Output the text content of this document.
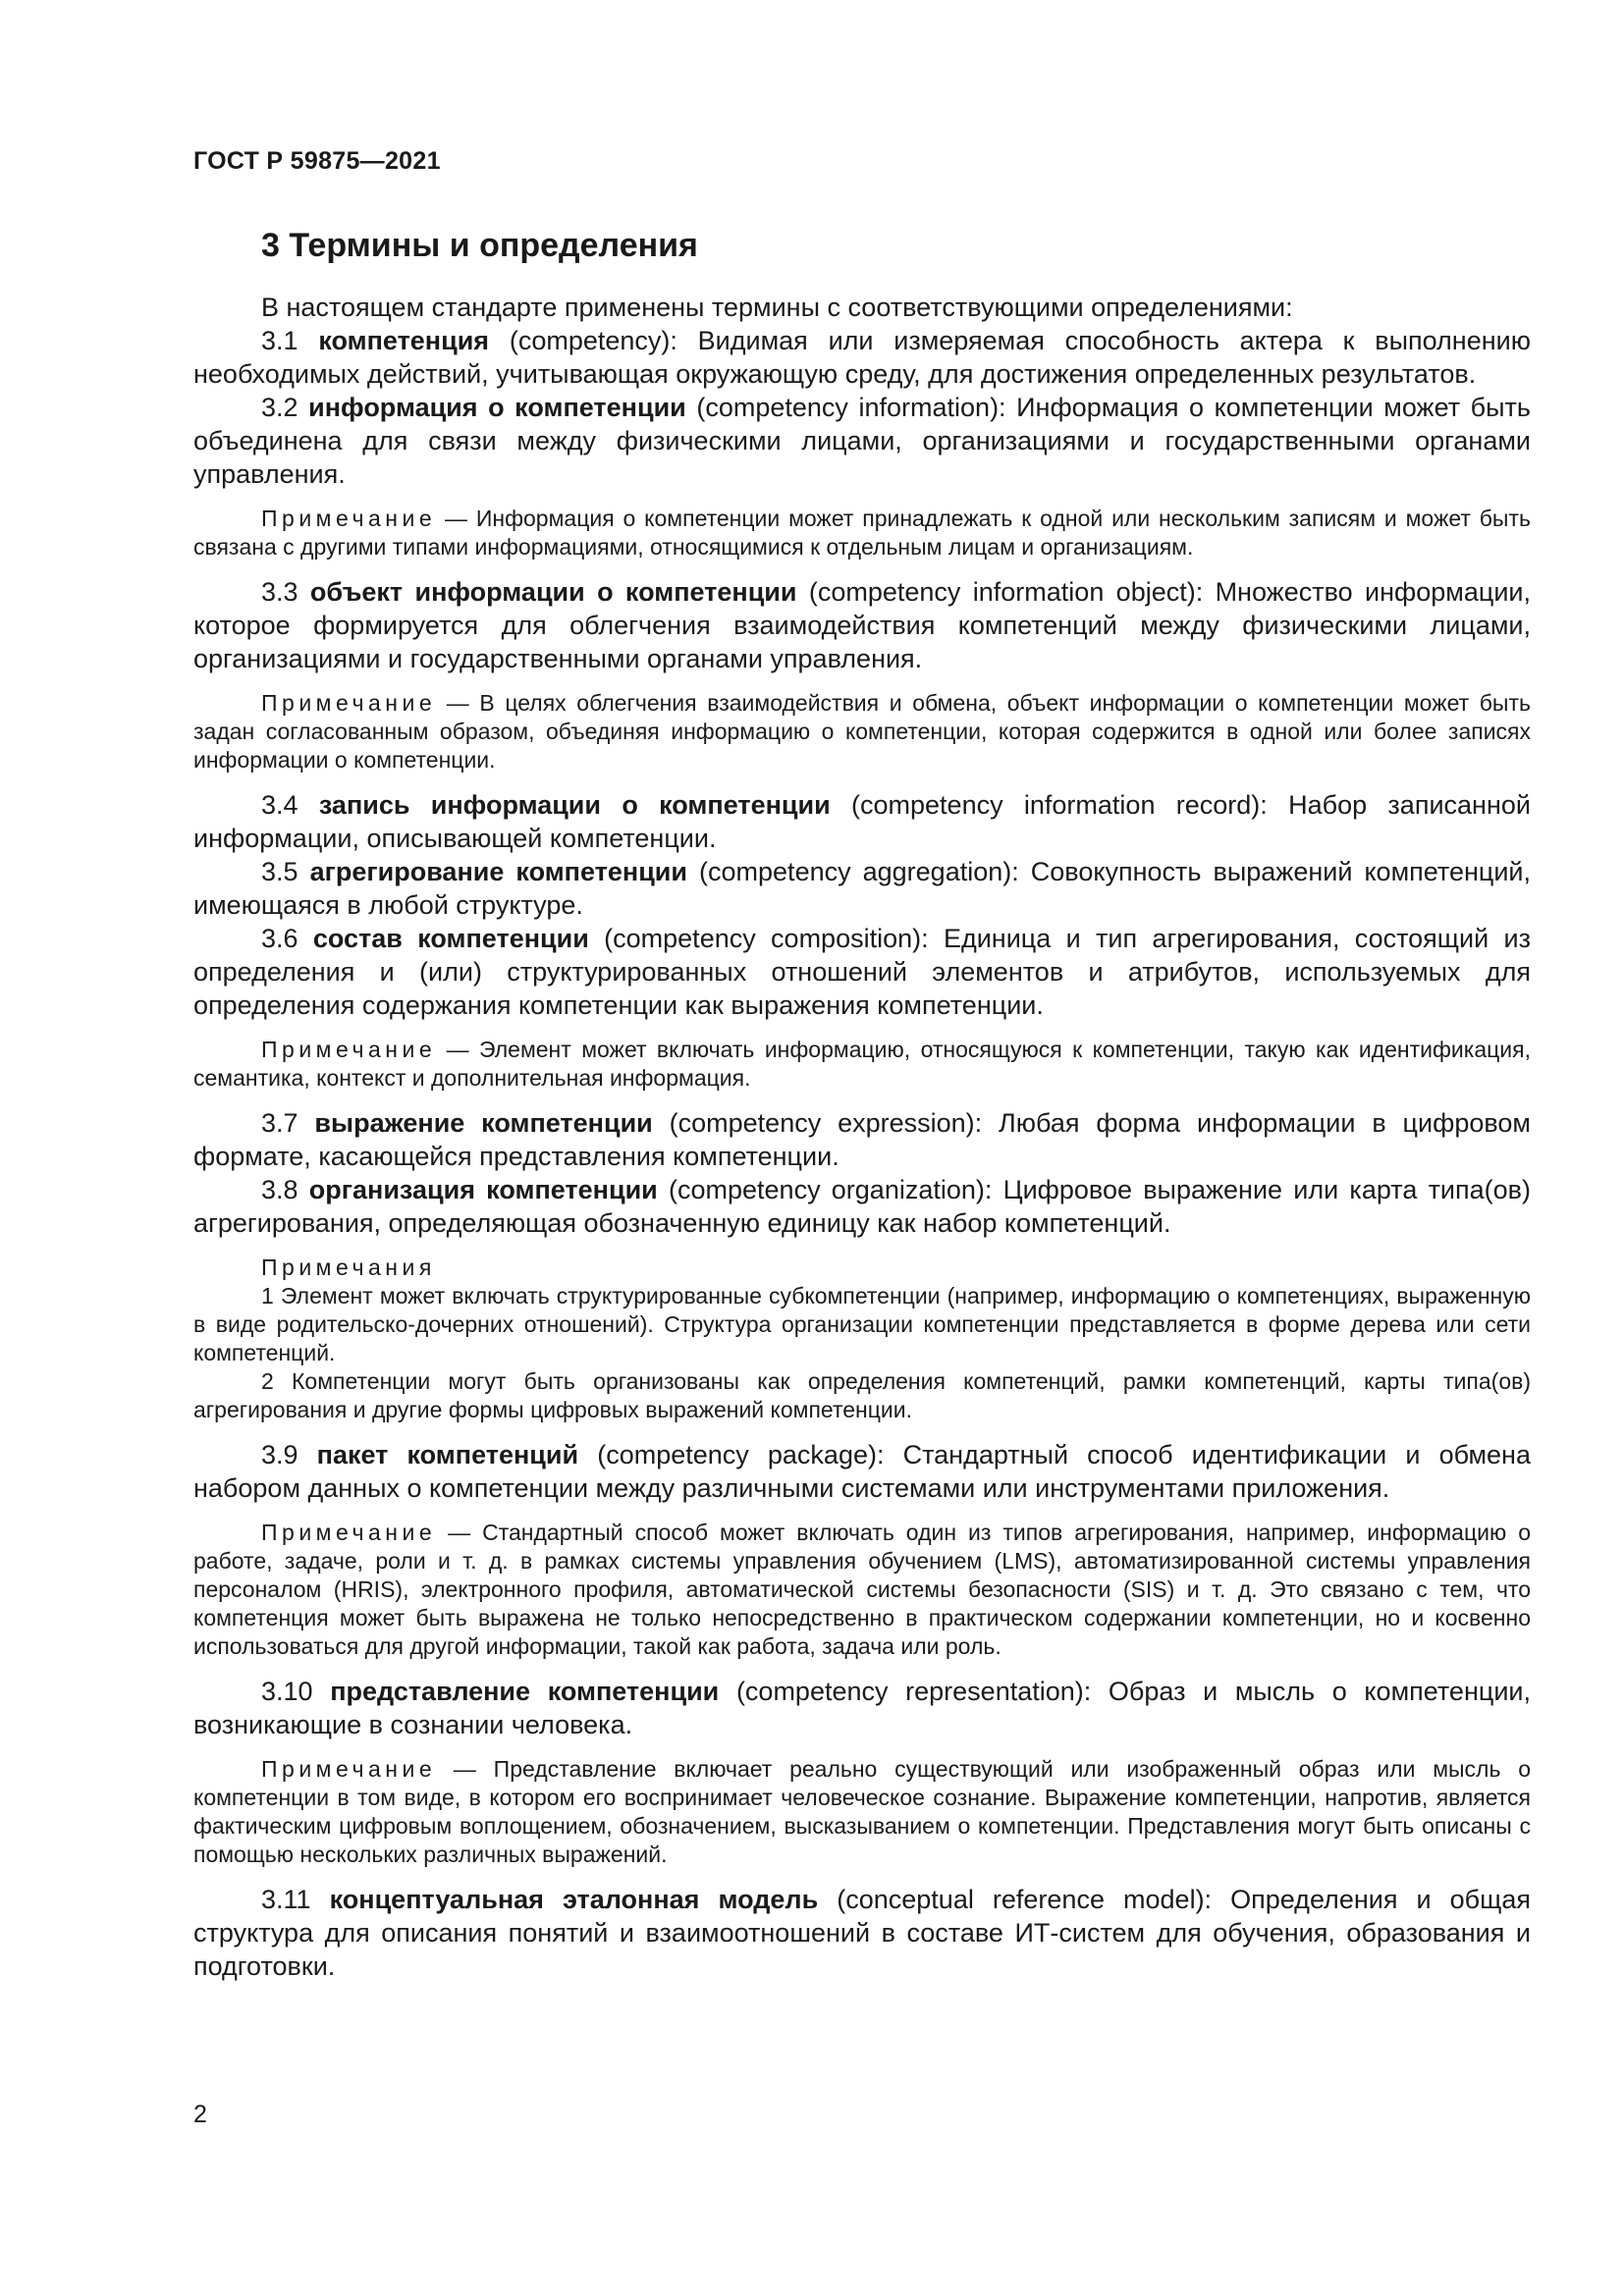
ГОСТ Р 59875—2021
3 Термины и определения

В настоящем стандарте применены термины с соответствующими определениями:

3.1 компетенция (competency): Видимая или измеряемая способность актера к выполнению необходимых действий, учитывающая окружающую среду, для достижения определенных результатов.

3.2 информация о компетенции (competency information): Информация о компетенции может быть объединена для связи между физическими лицами, организациями и государственными органами управления.

Примечание — Информация о компетенции может принадлежать к одной или нескольким записям и может быть связана с другими типами информациями, относящимися к отдельным лицам и организациям.

3.3 объект информации о компетенции (competency information object): Множество информации, которое формируется для облегчения взаимодействия компетенций между физическими лицами, организациями и государственными органами управления.

Примечание — В целях облегчения взаимодействия и обмена, объект информации о компетенции может быть задан согласованным образом, объединяя информацию о компетенции, которая содержится в одной или более записях информации о компетенции.

3.4 запись информации о компетенции (competency information record): Набор записанной информации, описывающей компетенции.

3.5 агрегирование компетенции (competency aggregation): Совокупность выражений компетенций, имеющаяся в любой структуре.

3.6 состав компетенции (competency composition): Единица и тип агрегирования, состоящий из определения и (или) структурированных отношений элементов и атрибутов, используемых для определения содержания компетенции как выражения компетенции.

Примечание — Элемент может включать информацию, относящуюся к компетенции, такую как идентификация, семантика, контекст и дополнительная информация.

3.7 выражение компетенции (competency expression): Любая форма информации в цифровом формате, касающейся представления компетенции.

3.8 организация компетенции (competency organization): Цифровое выражение или карта типа(ов) агрегирования, определяющая обозначенную единицу как набор компетенций.

Примечания

1 Элемент может включать структурированные субкомпетенции (например, информацию о компетенциях, выраженную в виде родительско-дочерних отношений). Структура организации компетенции представляется в форме дерева или сети компетенций.

2 Компетенции могут быть организованы как определения компетенций, рамки компетенций, карты типа(ов) агрегирования и другие формы цифровых выражений компетенции.

3.9 пакет компетенций (competency package): Стандартный способ идентификации и обмена набором данных о компетенции между различными системами или инструментами приложения.

Примечание — Стандартный способ может включать один из типов агрегирования, например, информацию о работе, задаче, роли и т. д. в рамках системы управления обучением (LMS), автоматизированной системы управления персоналом (HRIS), электронного профиля, автоматической системы безопасности (SIS) и т. д. Это связано с тем, что компетенция может быть выражена не только непосредственно в практическом содержании компетенции, но и косвенно использоваться для другой информации, такой как работа, задача или роль.

3.10 представление компетенции (competency representation): Образ и мысль о компетенции, возникающие в сознании человека.

Примечание — Представление включает реально существующий или изображенный образ или мысль о компетенции в том виде, в котором его воспринимает человеческое сознание. Выражение компетенции, напротив, является фактическим цифровым воплощением, обозначением, высказыванием о компетенции. Представления могут быть описаны с помощью нескольких различных выражений.

3.11 концептуальная эталонная модель (conceptual reference model): Определения и общая структура для описания понятий и взаимоотношений в составе ИТ-систем для обучения, образования и подготовки.

2
